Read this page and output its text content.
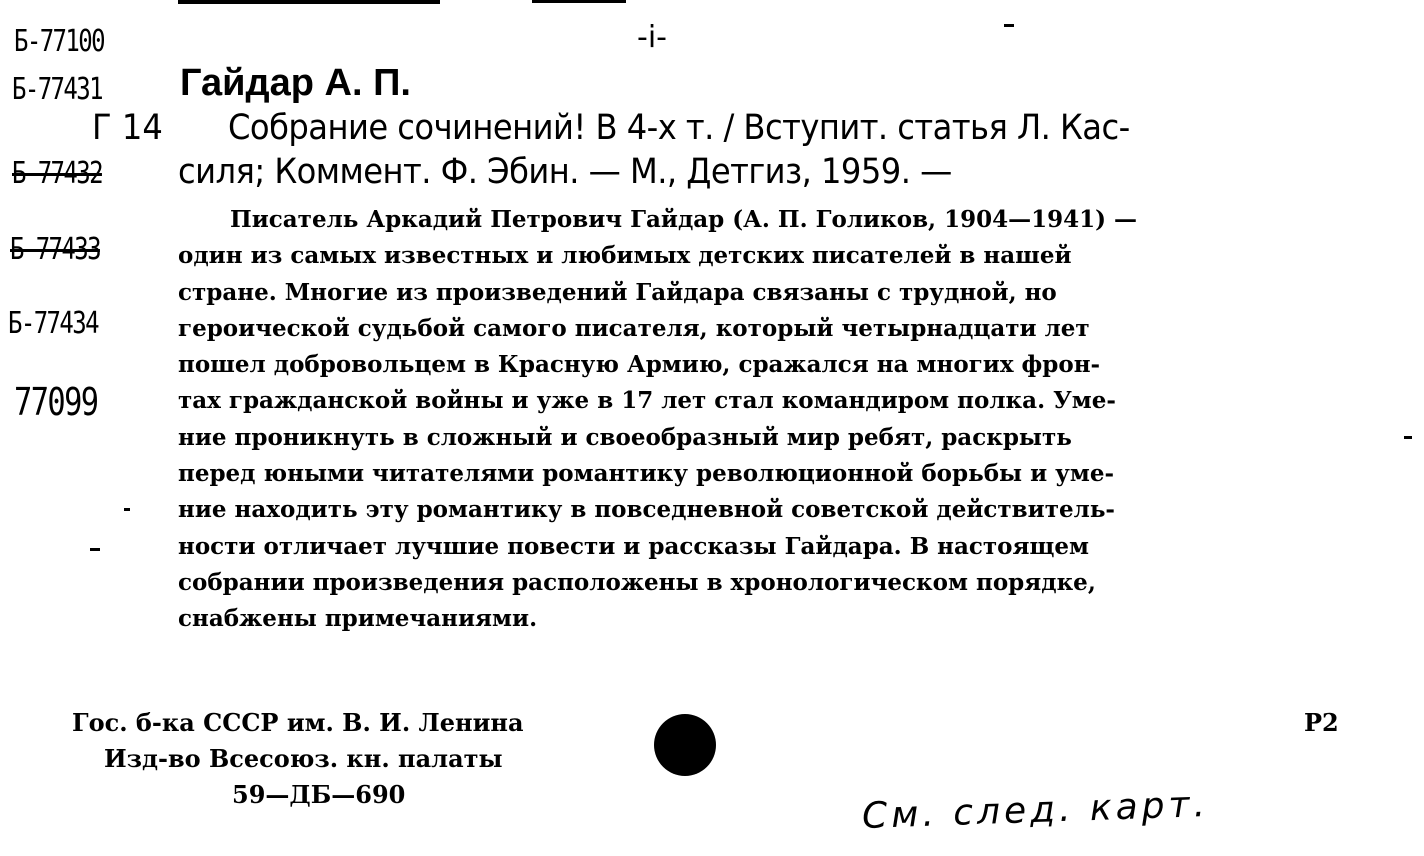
-i-
Б-77100
Б-77431
Б-77432
Б-77433
Б-77434
77099
Гайдар А. П.
Г 14 Собрание сочинений! В 4-х т. / Вступит. статья Л. Кас-
силя; Коммент. Ф. Эбин. — М., Детгиз, 1959. —
Писатель Аркадий Петрович Гайдар (А. П. Голиков, 1904—1941) —
один из самых известных и любимых детских писателей в нашей
стране. Многие из произведений Гайдара связаны с трудной, но
героической судьбой самого писателя, который четырнадцати лет
пошел добровольцем в Красную Армию, сражался на многих фрон-
тах гражданской войны и уже в 17 лет стал командиром полка. Уме-
ние проникнуть в сложный и своеобразный мир ребят, раскрыть
перед юными читателями романтику революционной борьбы и уме-
ние находить эту романтику в повседневной советской действитель-
ности отличает лучшие повести и рассказы Гайдара. В настоящем
собрании произведения расположены в хронологическом порядке,
снабжены примечаниями.
Гос. б-ка СССР им. В. И. Ленина
Изд-во Всесоюз. кн. палаты
59—ДБ—690
Р2
См. след. карт.
